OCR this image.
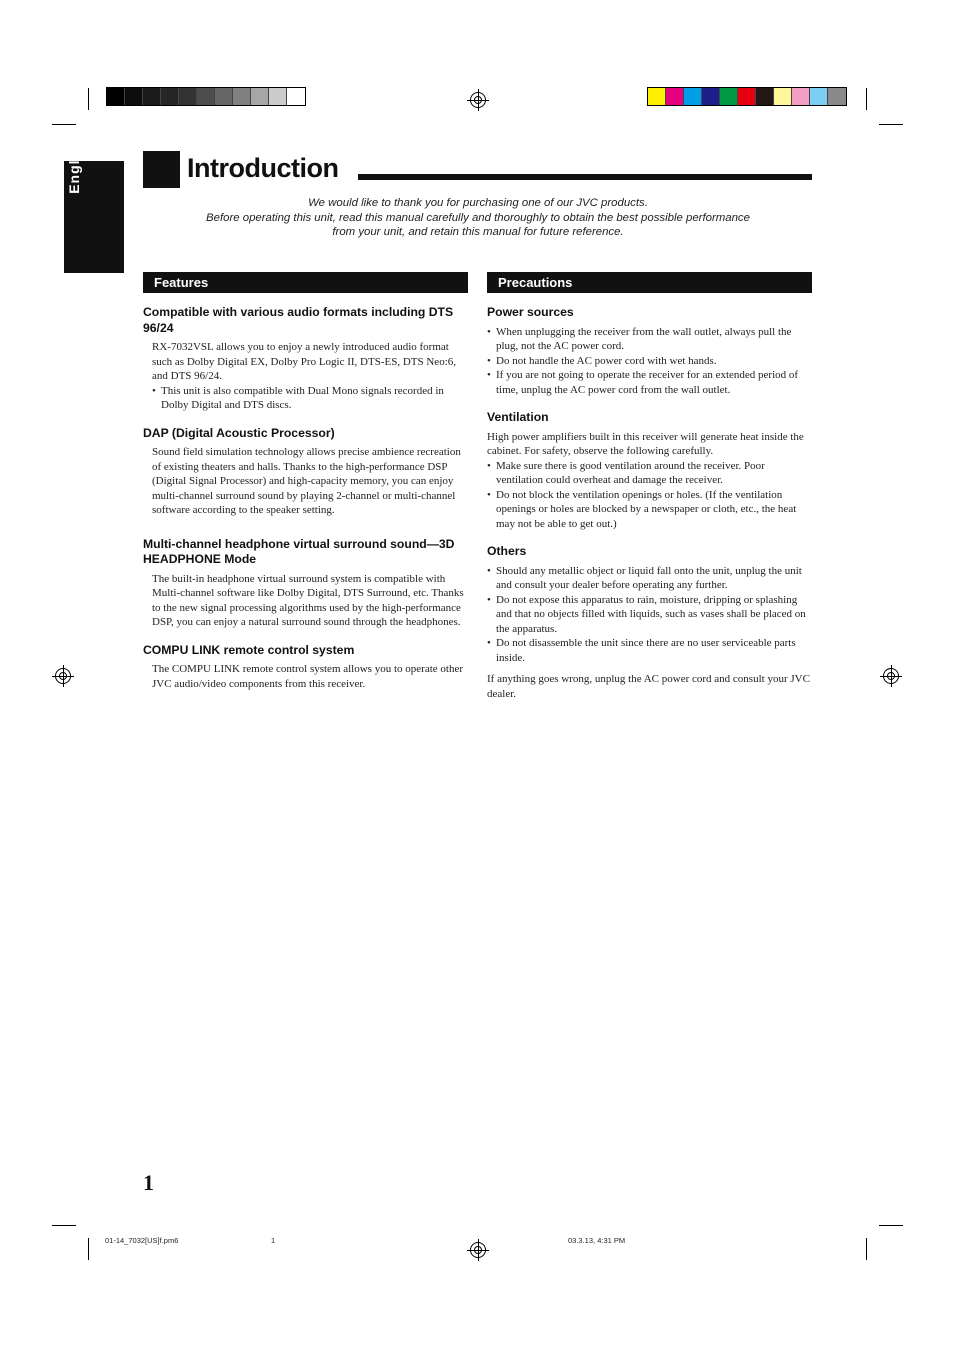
English	Introduction
We would like to thank you for purchasing one of our JVC products.
Before operating this unit, read this manual carefully and thoroughly to obtain the best possible performance
from your unit, and retain this manual for future reference.
Features	Precautions
Compatible with various audio formats including DTS 96/24

RX-7032VSL allows you to enjoy a newly introduced audio format such as Dolby Digital EX, Dolby Pro Logic II, DTS-ES, DTS Neo:6, and DTS 96/24.

• This unit is also compatible with Dual Mono signals recorded in Dolby Digital and DTS discs.
DAP (Digital Acoustic Processor)

Sound field simulation technology allows precise ambience recreation of existing theaters and halls. Thanks to the high-performance DSP (Digital Signal Processor) and high-capacity memory, you can enjoy multi-channel surround sound by playing 2-channel or multi-channel software according to the speaker setting.

Multi-channel headphone virtual surround sound—3D HEADPHONE Mode

The built-in headphone virtual surround system is compatible with Multi-channel software like Dolby Digital, DTS Surround, etc. Thanks to the new signal processing algorithms used by the high-performance DSP, you can enjoy a natural surround sound through the headphones.

COMPU LINK remote control system

The COMPU LINK remote control system allows you to operate other JVC audio/video components from this receiver.

Power sources
• When unplugging the receiver from the wall outlet, always pull the plug, not the AC power cord.
• Do not handle the AC power cord with wet hands.
• If you are not going to operate the receiver for an extended period of time, unplug the AC power cord from the wall outlet.
Ventilation

High power amplifiers built in this receiver will generate heat inside the cabinet. For safety, observe the following carefully.

• Make sure there is good ventilation around the receiver. Poor ventilation could overheat and damage the receiver.
• Do not block the ventilation openings or holes. (If the ventilation openings or holes are blocked by a newspaper or cloth, etc., the heat may not be able to get out.)
Others
• Should any metallic object or liquid fall onto the unit, unplug the unit and consult your dealer before operating any further.
• Do not expose this apparatus to rain, moisture, dripping or splashing and that no objects filled with liquids, such as vases shall be placed on the apparatus.
• Do not disassemble the unit since there are no user serviceable parts inside.

If anything goes wrong, unplug the AC power cord and consult your JVC dealer.

1
01-14_7032[US]f.pm6	1	03.3.13, 4:31 PM
